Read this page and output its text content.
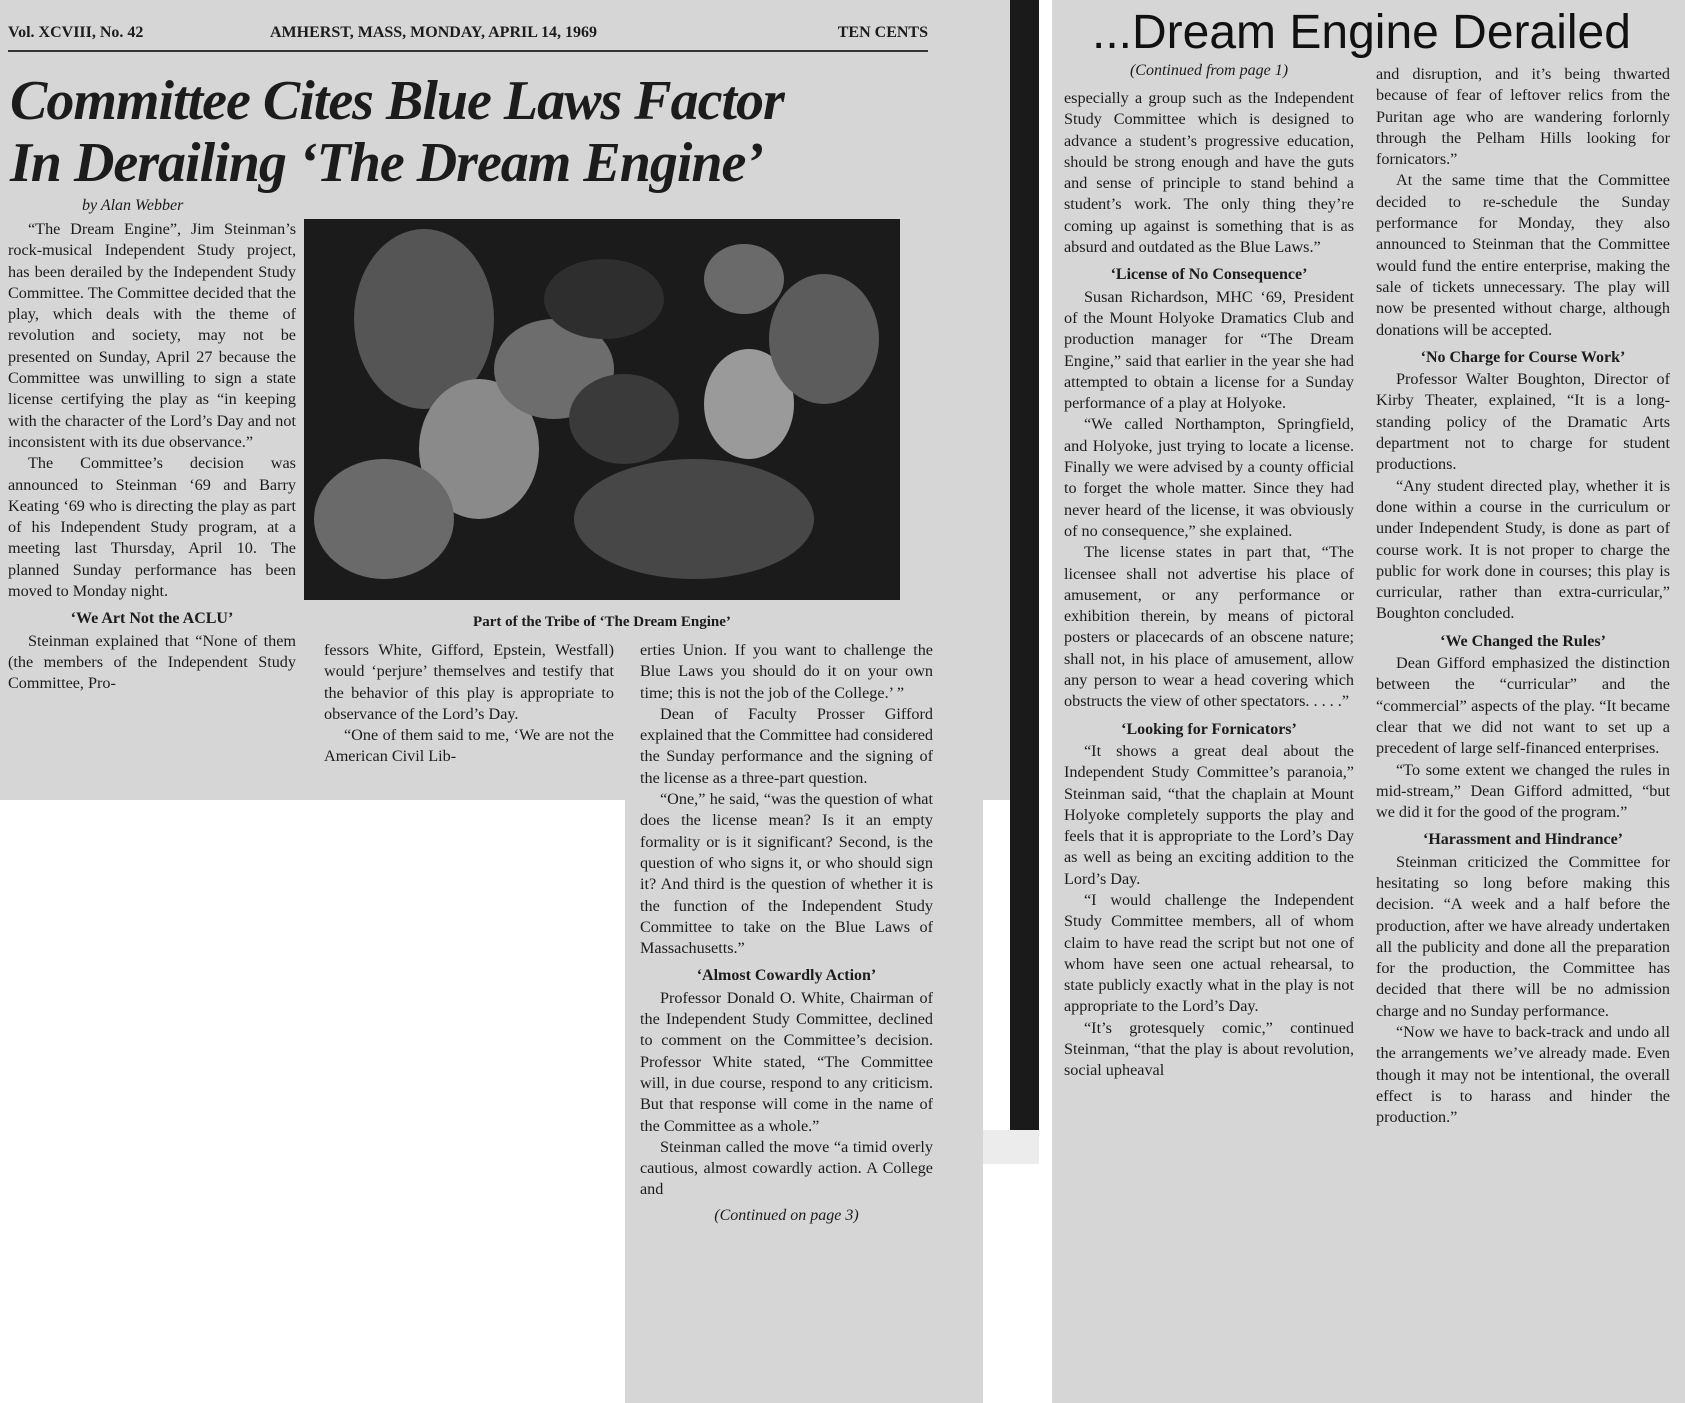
Vol. XCVIII, No. 42	AMHERST, MASS, MONDAY, APRIL 14, 1969	TEN CENTS
Committee Cites Blue Laws Factor
In Derailing ‘The Dream Engine’
by Alan Webber

“The Dream Engine”, Jim Steinman’s rock-musical Independent Study project, has been derailed by the Independent Study Committee. The Committee decided that the play, which deals with the theme of revolution and society, may not be presented on Sunday, April 27 because the Committee was unwilling to sign a state license certifying the play as “in keeping with the character of the Lord’s Day and not inconsistent with its due observance.”

The Committee’s decision was announced to Steinman ‘69 and Barry Keating ‘69 who is directing the play as part of his Independent Study program, at a meeting last Thursday, April 10. The planned Sunday performance has been moved to Monday night.

‘We Art Not the ACLU’

Steinman explained that “None of them (the members of the Independent Study Committee, Pro-

Part of the Tribe of ‘The Dream Engine’

fessors White, Gifford, Epstein, Westfall) would ‘perjure’ themselves and testify that the behavior of this play is appropriate to observance of the Lord’s Day.

“One of them said to me, ‘We are not the American Civil Lib-

erties Union. If you want to challenge the Blue Laws you should do it on your own time; this is not the job of the College.’ ”

Dean of Faculty Prosser Gifford explained that the Committee had considered the Sunday performance and the signing of the license as a three-part question.

“One,” he said, “was the question of what does the license mean? Is it an empty formality or is it significant? Second, is the question of who signs it, or who should sign it? And third is the question of whether it is the function of the Independent Study Committee to take on the Blue Laws of Massachusetts.”

‘Almost Cowardly Action’

Professor Donald O. White, Chairman of the Independent Study Committee, declined to comment on the Committee’s decision. Professor White stated, “The Committee will, in due course, respond to any criticism. But that response will come in the name of the Committee as a whole.”

Steinman called the move “a timid overly cautious, almost cowardly action. A College and

(Continued on page 3)
...Dream Engine Derailed
(Continued from page 1)

especially a group such as the Independent Study Committee which is designed to advance a student’s progressive education, should be strong enough and have the guts and sense of principle to stand behind a student’s work. The only thing they’re coming up against is something that is as absurd and outdated as the Blue Laws.”

‘License of No Consequence’

Susan Richardson, MHC ‘69, President of the Mount Holyoke Dramatics Club and production manager for “The Dream Engine,” said that earlier in the year she had attempted to obtain a license for a Sunday performance of a play at Holyoke.

“We called Northampton, Springfield, and Holyoke, just trying to locate a license. Finally we were advised by a county official to forget the whole matter. Since they had never heard of the license, it was obviously of no consequence,” she explained.

The license states in part that, “The licensee shall not advertise his place of amusement, or any performance or exhibition therein, by means of pictoral posters or placecards of an obscene nature; shall not, in his place of amusement, allow any person to wear a head covering which obstructs the view of other spectators. . . . .”

‘Looking for Fornicators’

“It shows a great deal about the Independent Study Committee’s paranoia,” Steinman said, “that the chaplain at Mount Holyoke completely supports the play and feels that it is appropriate to the Lord’s Day as well as being an exciting addition to the Lord’s Day.

“I would challenge the Independent Study Committee members, all of whom claim to have read the script but not one of whom have seen one actual rehearsal, to state publicly exactly what in the play is not appropriate to the Lord’s Day.

“It’s grotesquely comic,” continued Steinman, “that the play is about revolution, social upheaval

and disruption, and it’s being thwarted because of fear of leftover relics from the Puritan age who are wandering forlornly through the Pelham Hills looking for fornicators.”

At the same time that the Committee decided to re-schedule the Sunday performance for Monday, they also announced to Steinman that the Committee would fund the entire enterprise, making the sale of tickets unnecessary. The play will now be presented without charge, although donations will be accepted.

‘No Charge for Course Work’

Professor Walter Boughton, Director of Kirby Theater, explained, “It is a long-standing policy of the Dramatic Arts department not to charge for student productions.

“Any student directed play, whether it is done within a course in the curriculum or under Independent Study, is done as part of course work. It is not proper to charge the public for work done in courses; this play is curricular, rather than extra-curricular,” Boughton concluded.

‘We Changed the Rules’

Dean Gifford emphasized the distinction between the “curricular” and the “commercial” aspects of the play. “It became clear that we did not want to set up a precedent of large self-financed enterprises.

“To some extent we changed the rules in mid-stream,” Dean Gifford admitted, “but we did it for the good of the program.”

‘Harassment and Hindrance’

Steinman criticized the Committee for hesitating so long before making this decision. “A week and a half before the production, after we have already undertaken all the publicity and done all the preparation for the production, the Committee has decided that there will be no admission charge and no Sunday performance.

“Now we have to back-track and undo all the arrangements we’ve already made. Even though it may not be intentional, the overall effect is to harass and hinder the production.”
